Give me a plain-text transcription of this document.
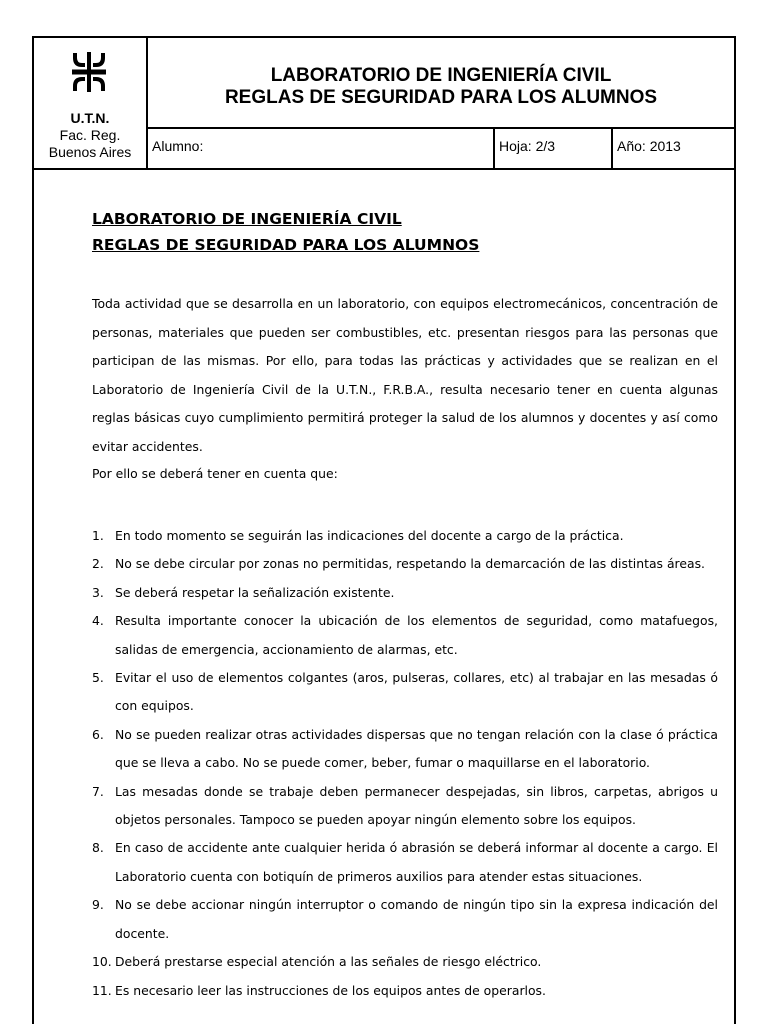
U.T.N.
Fac. Reg.
Buenos Aires
LABORATORIO DE INGENIERÍA CIVIL
REGLAS DE SEGURIDAD PARA LOS ALUMNOS
Alumno:	Hoja: 2/3	Año: 2013
LABORATORIO DE INGENIERÍA CIVIL
REGLAS DE SEGURIDAD PARA LOS ALUMNOS

Toda actividad que se desarrolla en un laboratorio, con equipos electromecánicos, concentración de personas, materiales que pueden ser combustibles, etc. presentan riesgos para las personas que participan de las mismas. Por ello, para todas las prácticas y actividades que se realizan en el Laboratorio de Ingeniería Civil de la U.T.N., F.R.B.A., resulta necesario tener en cuenta algunas reglas básicas cuyo cumplimiento permitirá proteger la salud de los alumnos y docentes y así como evitar accidentes.

Por ello se deberá tener en cuenta que:
1. En todo momento se seguirán las indicaciones del docente a cargo de la práctica.
2. No se debe circular por zonas no permitidas, respetando la demarcación de las distintas áreas.
3. Se deberá respetar la señalización existente.
4. Resulta importante conocer la ubicación de los elementos de seguridad, como matafuegos, salidas de emergencia, accionamiento de alarmas, etc.
5. Evitar el uso de elementos colgantes (aros, pulseras, collares, etc) al trabajar en las mesadas ó con equipos.
6. No se pueden realizar otras actividades dispersas que no tengan relación con la clase ó práctica que se lleva a cabo. No se puede comer, beber, fumar o maquillarse en el laboratorio.
7. Las mesadas donde se trabaje deben permanecer despejadas, sin libros, carpetas, abrigos u objetos personales. Tampoco se pueden apoyar ningún elemento sobre los equipos.
8. En caso de accidente ante cualquier herida ó abrasión se deberá informar al docente a cargo. El Laboratorio cuenta con botiquín de primeros auxilios para atender estas situaciones.
9. No se debe accionar ningún interruptor o comando de ningún tipo sin la expresa indicación del docente.
10. Deberá prestarse especial atención a las señales de riesgo eléctrico.
11. Es necesario leer las instrucciones de los equipos antes de operarlos.
